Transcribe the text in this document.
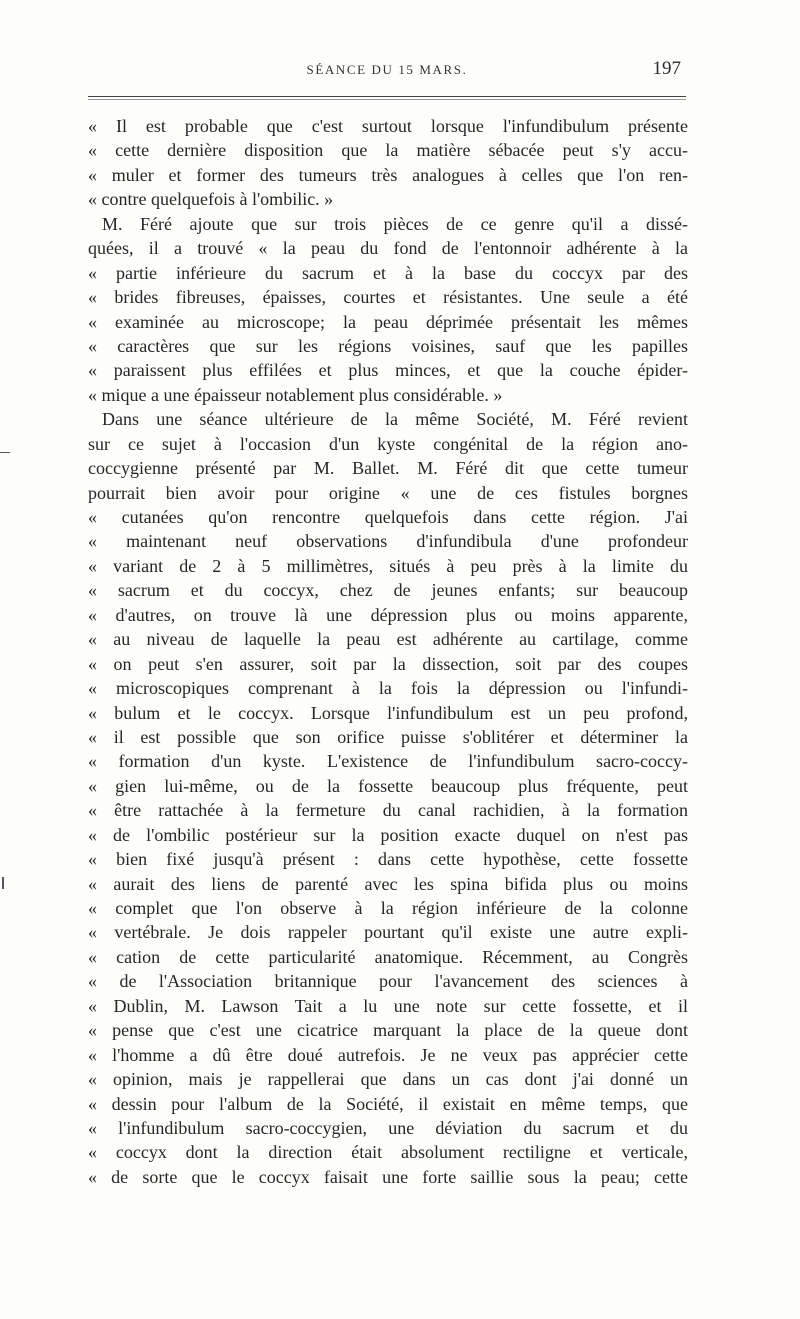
SÉANCE DU 15 MARS.	197
« Il est probable que c'est surtout lorsque l'infundibulum présente
« cette dernière disposition que la matière sébacée peut s'y accu-
« muler et former des tumeurs très analogues à celles que l'on ren-
« contre quelquefois à l'ombilic. »
M. Féré ajoute que sur trois pièces de ce genre qu'il a dissé-
quées, il a trouvé « la peau du fond de l'entonnoir adhérente à la
« partie inférieure du sacrum et à la base du coccyx par des
« brides fibreuses, épaisses, courtes et résistantes. Une seule a été
« examinée au microscope; la peau déprimée présentait les mêmes
« caractères que sur les régions voisines, sauf que les papilles
« paraissent plus effilées et plus minces, et que la couche épider-
« mique a une épaisseur notablement plus considérable. »
Dans une séance ultérieure de la même Société, M. Féré revient
sur ce sujet à l'occasion d'un kyste congénital de la région ano-
coccygienne présenté par M. Ballet. M. Féré dit que cette tumeur
pourrait bien avoir pour origine « une de ces fistules borgnes
« cutanées qu'on rencontre quelquefois dans cette région. J'ai
« maintenant neuf observations d'infundibula d'une profondeur
« variant de 2 à 5 millimètres, situés à peu près à la limite du
« sacrum et du coccyx, chez de jeunes enfants; sur beaucoup
« d'autres, on trouve là une dépression plus ou moins apparente,
« au niveau de laquelle la peau est adhérente au cartilage, comme
« on peut s'en assurer, soit par la dissection, soit par des coupes
« microscopiques comprenant à la fois la dépression ou l'infundi-
« bulum et le coccyx. Lorsque l'infundibulum est un peu profond,
« il est possible que son orifice puisse s'oblitérer et déterminer la
« formation d'un kyste. L'existence de l'infundibulum sacro-coccy-
« gien lui-même, ou de la fossette beaucoup plus fréquente, peut
« être rattachée à la fermeture du canal rachidien, à la formation
« de l'ombilic postérieur sur la position exacte duquel on n'est pas
« bien fixé jusqu'à présent : dans cette hypothèse, cette fossette
« aurait des liens de parenté avec les spina bifida plus ou moins
« complet que l'on observe à la région inférieure de la colonne
« vertébrale. Je dois rappeler pourtant qu'il existe une autre expli-
« cation de cette particularité anatomique. Récemment, au Congrès
« de l'Association britannique pour l'avancement des sciences à
« Dublin, M. Lawson Tait a lu une note sur cette fossette, et il
« pense que c'est une cicatrice marquant la place de la queue dont
« l'homme a dû être doué autrefois. Je ne veux pas apprécier cette
« opinion, mais je rappellerai que dans un cas dont j'ai donné un
« dessin pour l'album de la Société, il existait en même temps, que
« l'infundibulum sacro-coccygien, une déviation du sacrum et du
« coccyx dont la direction était absolument rectiligne et verticale,
« de sorte que le coccyx faisait une forte saillie sous la peau; cette
